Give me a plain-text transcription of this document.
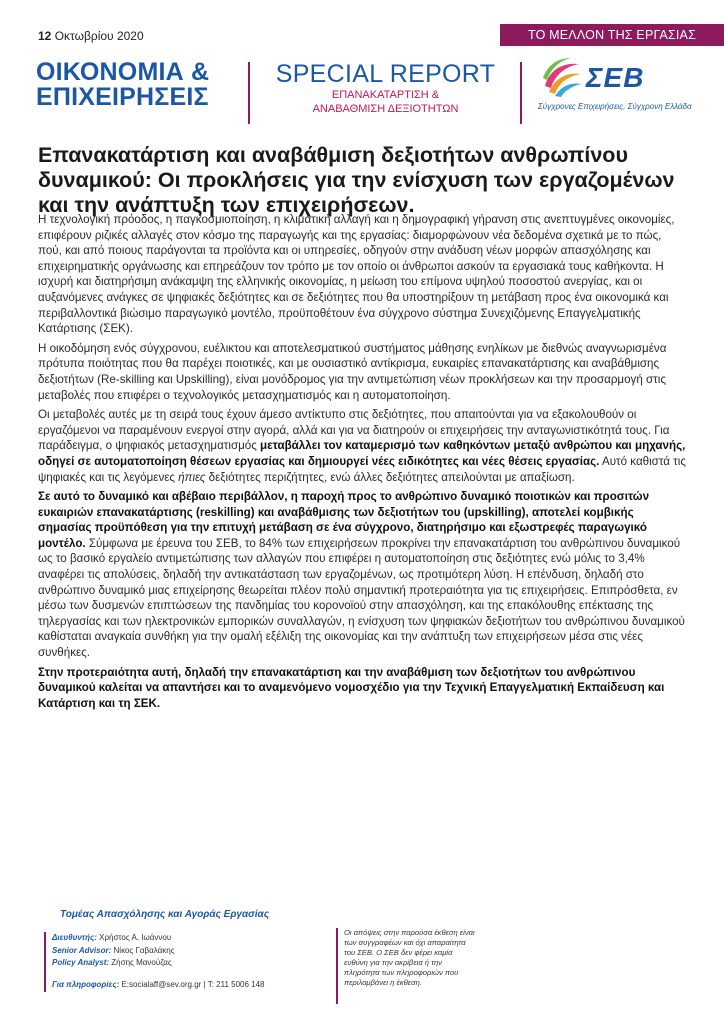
12 Οκτωβρίου 2020	ΤΟ ΜΕΛΛΟΝ ΤΗΣ ΕΡΓΑΣΙΑΣ
ΟΙΚΟΝΟΜΙΑ &
ΕΠΙΧΕΙΡΗΣΕΙΣ
SPECIAL REPORT
ΕΠΑΝΑΚΑΤΑΡΤΙΣΗ &
ΑΝΑΒΑΘΜΙΣΗ ΔΕΞΙΟΤΗΤΩΝ
ΣΕΒ
Σύγχρονες Επιχειρήσεις, Σύγχρονη Ελλάδα
Επανακατάρτιση και αναβάθμιση δεξιοτήτων ανθρωπίνου δυναμικού: Οι προκλήσεις για την ενίσχυση των εργαζομένων και την ανάπτυξη των επιχειρήσεων.

Η τεχνολογική πρόοδος, η παγκοσμιοποίηση, η κλιματική αλλαγή και η δημογραφική γήρανση στις ανεπτυγμένες οικονομίες, επιφέρουν ριζικές αλλαγές στον κόσμο της παραγωγής και της εργασίας: διαμορφώνουν νέα δεδομένα σχετικά με το πώς, πού, και από ποιους παράγονται τα προϊόντα και οι υπηρεσίες, οδηγούν στην ανάδυση νέων μορφών απασχόλησης και επιχειρηματικής οργάνωσης και επηρεάζουν τον τρόπο με τον οποίο οι άνθρωποι ασκούν τα εργασιακά τους καθήκοντα. Η ισχυρή και διατηρήσιμη ανάκαμψη της ελληνικής οικονομίας, η μείωση του επίμονα υψηλού ποσοστού ανεργίας, και οι αυξανόμενες ανάγκες σε ψηφιακές δεξιότητες και σε δεξιότητες που θα υποστηρίξουν τη μετάβαση προς ένα οικονομικά και περιβαλλοντικά βιώσιμο παραγωγικό μοντέλο, προϋποθέτουν ένα σύγχρονο σύστημα Συνεχιζόμενης Επαγγελματικής Κατάρτισης (ΣΕΚ).

Η οικοδόμηση ενός σύγχρονου, ευέλικτου και αποτελεσματικού συστήματος μάθησης ενηλίκων με διεθνώς αναγνωρισμένα πρότυπα ποιότητας που θα παρέχει ποιοτικές, και με ουσιαστικό αντίκρισμα, ευκαιρίες επανακατάρτισης και αναβάθμισης δεξιοτήτων (Re-skilling και Upskilling), είναι μονόδρομος για την αντιμετώπιση νέων προκλήσεων και την προσαρμογή στις μεταβολές που επιφέρει ο τεχνολογικός μετασχηματισμός και η αυτοματοποίηση.

Οι μεταβολές αυτές με τη σειρά τους έχουν άμεσο αντίκτυπο στις δεξιότητες, που απαιτούνται για να εξακολουθούν οι εργαζόμενοι να παραμένουν ενεργοί στην αγορά, αλλά και για να διατηρούν οι επιχειρήσεις την ανταγωνιστικότητά τους. Για παράδειγμα, ο ψηφιακός μετασχηματισμός μεταβάλλει τον καταμερισμό των καθηκόντων μεταξύ ανθρώπου και μηχανής, οδηγεί σε αυτοματοποίηση θέσεων εργασίας και δημιουργεί νέες ειδικότητες και νέες θέσεις εργασίας. Αυτό καθιστά τις ψηφιακές και τις λεγόμενες ήπιες δεξιότητες περιζήτητες, ενώ άλλες δεξιότητες απειλούνται με απαξίωση.

Σε αυτό το δυναμικό και αβέβαιο περιβάλλον, η παροχή προς το ανθρώπινο δυναμικό ποιοτικών και προσιτών ευκαιριών επανακατάρτισης (reskilling) και αναβάθμισης των δεξιοτήτων του (upskilling), αποτελεί κομβικής σημασίας προϋπόθεση για την επιτυχή μετάβαση σε ένα σύγχρονο, διατηρήσιμο και εξωστρεφές παραγωγικό μοντέλο. Σύμφωνα με έρευνα του ΣΕΒ, το 84% των επιχειρήσεων προκρίνει την επανακατάρτιση του ανθρώπινου δυναμικού ως το βασικό εργαλείο αντιμετώπισης των αλλαγών που επιφέρει η αυτοματοποίηση στις δεξιότητες ενώ μόλις το 3,4% αναφέρει τις απολύσεις, δηλαδή την αντικατάσταση των εργαζομένων, ως προτιμότερη λύση. Η επένδυση, δηλαδή στο ανθρώπινο δυναμικό μιας επιχείρησης θεωρείται πλέον πολύ σημαντική προτεραιότητα για τις επιχειρήσεις. Επιπρόσθετα, εν μέσω των δυσμενών επιπτώσεων της πανδημίας του κορονοϊού στην απασχόληση, και της επακόλουθης επέκτασης της τηλεργασίας και των ηλεκτρονικών εμπορικών συναλλαγών, η ενίσχυση των ψηφιακών δεξιοτήτων του ανθρώπινου δυναμικού καθίσταται αναγκαία συνθήκη για την ομαλή εξέλιξη της οικονομίας και την ανάπτυξη των επιχειρήσεων μέσα στις νέες συνθήκες.

Στην προτεραιότητα αυτή, δηλαδή την επανακατάρτιση και την αναβάθμιση των δεξιοτήτων του ανθρώπινου δυναμικού καλείται να απαντήσει και το αναμενόμενο νομοσχέδιο για την Τεχνική Επαγγελματική Εκπαίδευση και Κατάρτιση και τη ΣΕΚ.

Τομέας Απασχόλησης και Αγοράς Εργασίας
Διευθυντής: Χρήστος Α. Ιωάννου
Senior Advisor: Νίκος Γαβαλάκης
Policy Analyst: Ζήσης Μανούζας
Για πληροφορίες: E:socialaff@sev.org.gr | T: 211 5006 148
Οι απόψεις στην παρούσα έκθεση είναι των συγγραφέων και όχι απαραίτητα του ΣΕΒ. Ο ΣΕΒ δεν φέρει καμία ευθύνη για την ακρίβεια ή την πληρότητα των πληροφοριών που περιλαμβάνει η έκθεση.
